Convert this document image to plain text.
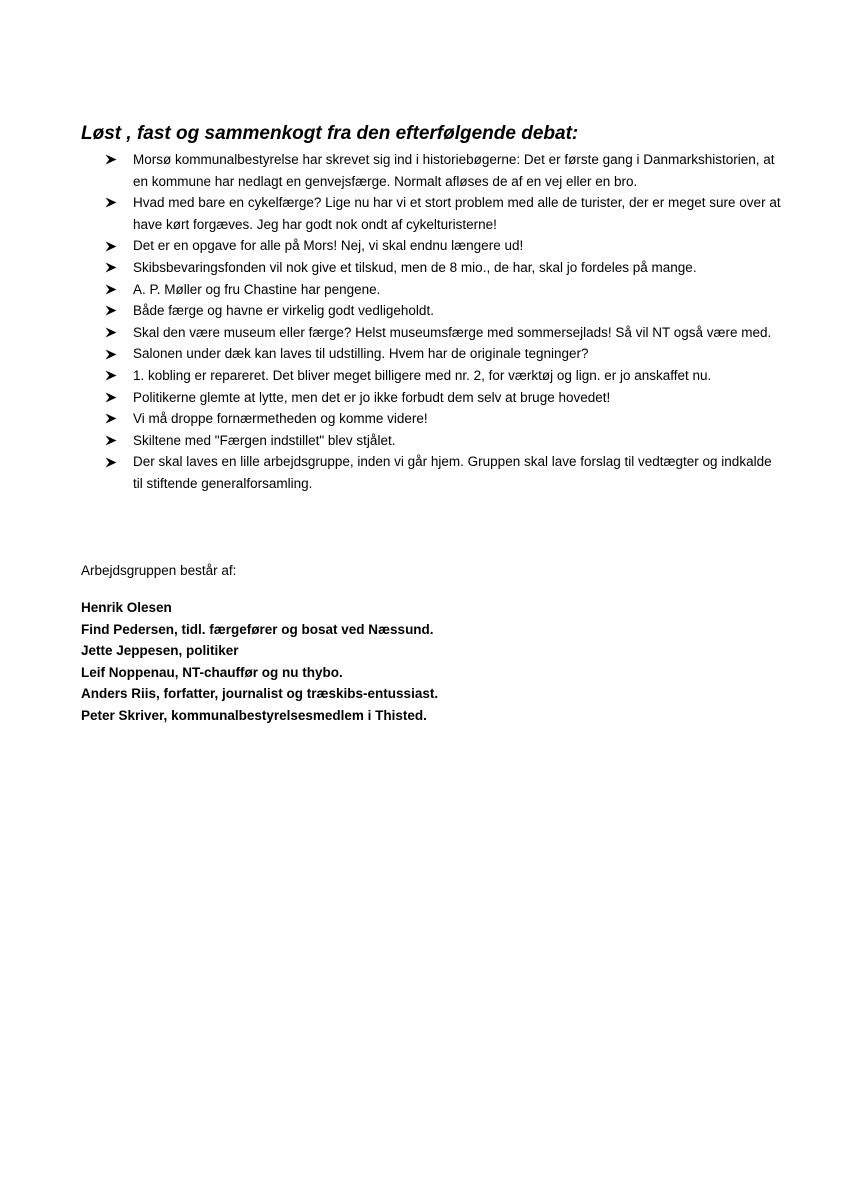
Løst , fast og sammenkogt fra den efterfølgende debat:
Morsø kommunalbestyrelse har skrevet sig ind i historiebøgerne: Det er første gang i Danmarkshistorien, at en kommune har nedlagt en genvejsfærge. Normalt afløses de af en vej eller en bro.
Hvad med bare en cykelfærge? Lige nu har vi et stort problem med alle de turister, der er meget sure over at have kørt forgæves. Jeg har godt nok ondt af cykelturisterne!
Det er en opgave for alle på Mors! Nej, vi skal endnu længere ud!
Skibsbevaringsfonden vil nok give et tilskud, men de 8 mio., de har, skal jo fordeles på mange.
A. P. Møller og fru Chastine har pengene.
Både færge og havne er virkelig godt vedligeholdt.
Skal den være museum eller færge? Helst museumsfærge med sommersejlads! Så vil NT også være med.
Salonen under dæk kan laves til udstilling. Hvem har de originale tegninger?
1. kobling er repareret. Det bliver meget billigere med nr. 2, for værktøj og lign. er jo anskaffet nu.
Politikerne glemte at lytte, men det er jo ikke forbudt dem selv at bruge hovedet!
Vi må droppe fornærmetheden og komme videre!
Skiltene med "Færgen indstillet" blev stjålet.
Der skal laves en lille arbejdsgruppe, inden vi går hjem. Gruppen skal lave forslag til vedtægter og indkalde til stiftende generalforsamling.

Arbejdsgruppen består af:

Henrik Olesen
Find Pedersen, tidl. færgefører og bosat ved Næssund.
Jette Jeppesen, politiker
Leif Noppenau, NT-chauffør og nu thybo.
Anders Riis, forfatter, journalist og træskibs-entussiast.
Peter Skriver, kommunalbestyrelsesmedlem i Thisted.
